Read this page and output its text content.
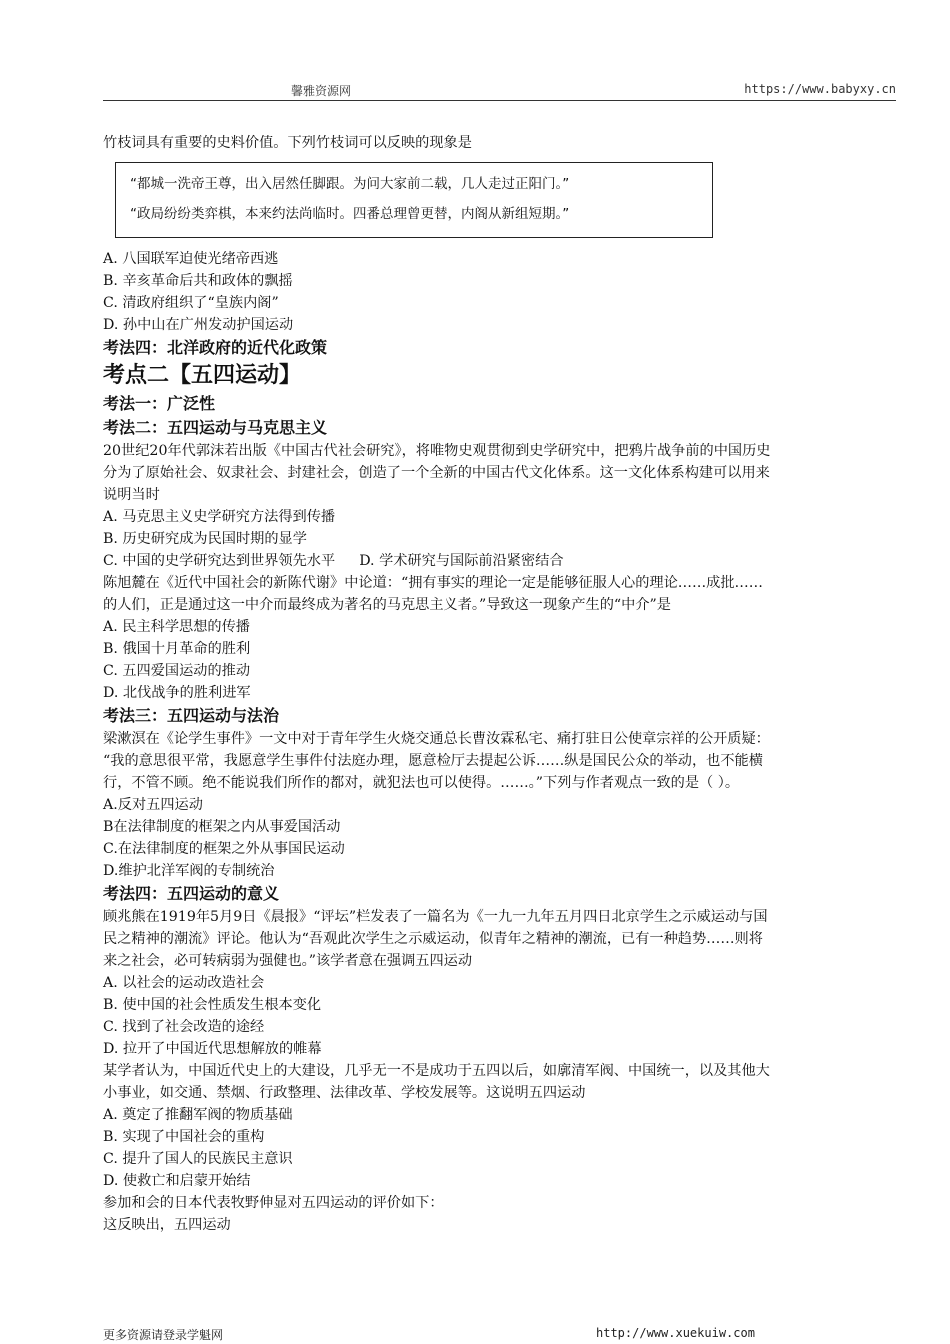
馨雅资源网	https://www.babyxy.cn

竹枝词具有重要的史料价值。下列竹枝词可以反映的现象是

“都城一洗帝王尊，出入居然任脚跟。为问大家前二载，几人走过正阳门。”
“政局纷纷类弈棋，本来约法尚临时。四番总理曾更替，内阁从新组短期。”

A. 八国联军迫使光绪帝西逃

B. 辛亥革命后共和政体的飘摇

C. 清政府组织了“皇族内阁”

D. 孙中山在广州发动护国运动

考法四：北洋政府的近代化政策

考点二【五四运动】

考法一：广泛性

考法二：五四运动与马克思主义

20世纪20年代郭沫若出版《中国古代社会研究》，将唯物史观贯彻到史学研究中，把鸦片战争前的中国历史

分为了原始社会、奴隶社会、封建社会，创造了一个全新的中国古代文化体系。这一文化体系构建可以用来

说明当时

A. 马克思主义史学研究方法得到传播

B. 历史研究成为民国时期的显学

C. 中国的史学研究达到世界领先水平 D. 学术研究与国际前沿紧密结合

陈旭麓在《近代中国社会的新陈代谢》中论道：“拥有事实的理论一定是能够征服人心的理论……成批……

的人们，正是通过这一中介而最终成为著名的马克思主义者。”导致这一现象产生的“中介”是

A. 民主科学思想的传播

B. 俄国十月革命的胜利

C. 五四爱国运动的推动

D. 北伐战争的胜利进军

考法三：五四运动与法治

梁漱溟在《论学生事件》一文中对于青年学生火烧交通总长曹汝霖私宅、痛打驻日公使章宗祥的公开质疑：

“我的意思很平常，我愿意学生事件付法庭办理，愿意检厅去提起公诉……纵是国民公众的举动，也不能横

行，不管不顾。绝不能说我们所作的都对，就犯法也可以使得。……。”下列与作者观点一致的是（ ）。

A.反对五四运动

B在法律制度的框架之内从事爱国活动

C.在法律制度的框架之外从事国民运动

D.维护北洋军阀的专制统治

考法四：五四运动的意义

顾兆熊在1919年5月9日《晨报》“评坛”栏发表了一篇名为《一九一九年五月四日北京学生之示威运动与国

民之精神的潮流》评论。他认为“吾观此次学生之示威运动，似青年之精神的潮流，已有一种趋势……则将

来之社会，必可转病弱为强健也。”该学者意在强调五四运动

A. 以社会的运动改造社会

B. 使中国的社会性质发生根本变化

C. 找到了社会改造的途经

D. 拉开了中国近代思想解放的帷幕

某学者认为，中国近代史上的大建设，几乎无一不是成功于五四以后，如廓清军阀、中国统一，以及其他大

小事业，如交通、禁烟、行政整理、法律改革、学校发展等。这说明五四运动

A. 奠定了推翻军阀的物质基础

B. 实现了中国社会的重构

C. 提升了国人的民族民主意识

D. 使救亡和启蒙开始结

参加和会的日本代表牧野伸显对五四运动的评价如下：

这反映出，五四运动

更多资源请登录学魁网	http://www.xuekuiw.com
